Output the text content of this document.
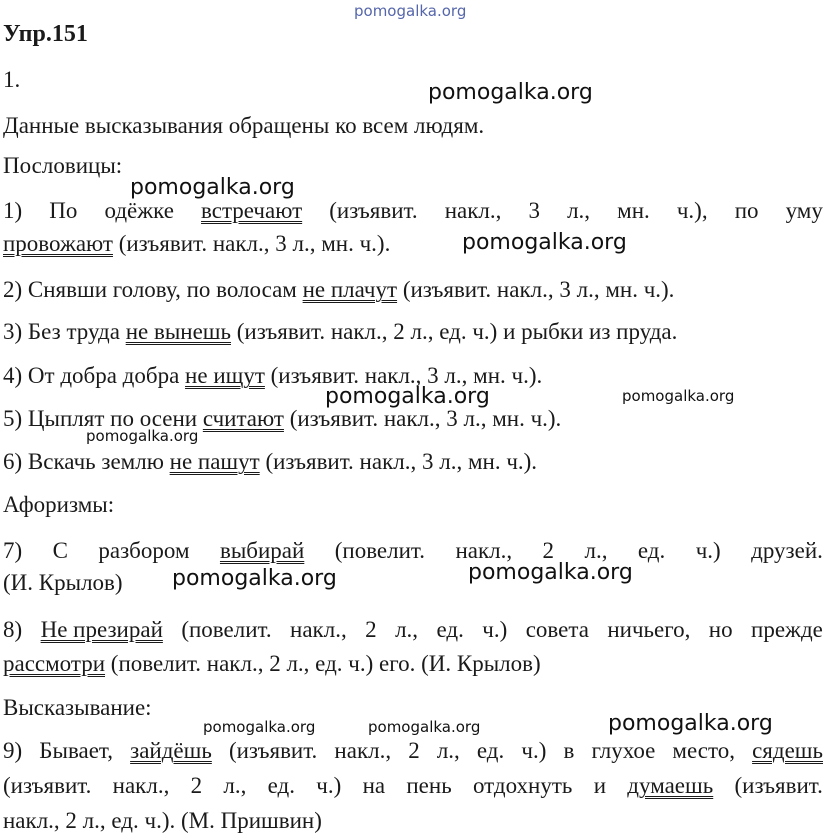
pomogalka.org
Упр.151
1.
Данные высказывания обращены ко всем людям.
Пословицы:
1) По одёжке встречают (изъявит. накл., 3 л., мн. ч.), по уму
провожают (изъявит. накл., 3 л., мн. ч.).
2) Снявши голову, по волосам не плачут (изъявит. накл., 3 л., мн. ч.).
3) Без труда не вынешь (изъявит. накл., 2 л., ед. ч.) и рыбки из пруда.
4) От добра добра не ищут (изъявит. накл., 3 л., мн. ч.).
5) Цыплят по осени считают (изъявит. накл., 3 л., мн. ч.).
6) Вскачь землю не пашут (изъявит. накл., 3 л., мн. ч.).
Афоризмы:
7) С разбором выбирай (повелит. накл., 2 л., ед. ч.) друзей.
(И. Крылов)
8) Не презирай (повелит. накл., 2 л., ед. ч.) совета ничьего, но прежде
рассмотри (повелит. накл., 2 л., ед. ч.) его. (И. Крылов)
Высказывание:
9) Бывает, зайдёшь (изъявит. накл., 2 л., ед. ч.) в глухое место, сядешь
(изъявит. накл., 2 л., ед. ч.) на пень отдохнуть и думаешь (изъявит.
накл., 2 л., ед. ч.). (М. Пришвин)
pomogalka.org
pomogalka.org
pomogalka.org
pomogalka.org	pomogalka.org
pomogalka.org
pomogalka.org	pomogalka.org
pomogalka.org	pomogalka.org	pomogalka.org
